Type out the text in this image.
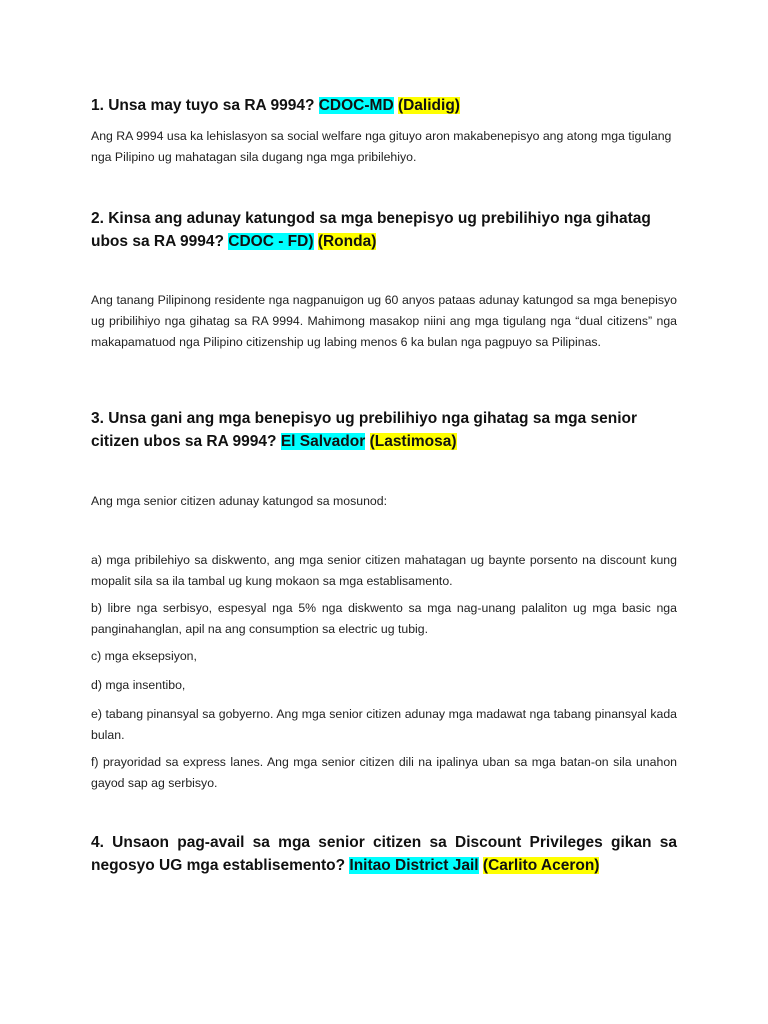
1. Unsa may tuyo sa RA 9994? CDOC-MD (Dalidig)
Ang RA 9994 usa ka lehislasyon sa social welfare nga gituyo aron makabenepisyo ang atong mga tigulang nga Pilipino ug mahatagan sila dugang nga mga pribilehiyo.
2. Kinsa ang adunay katungod sa mga benepisyo ug prebilihiyo nga gihatag ubos sa RA 9994? CDOC - FD) (Ronda)
Ang tanang Pilipinong residente nga nagpanuigon ug 60 anyos pataas adunay katungod sa mga benepisyo ug pribilihiyo nga gihatag sa RA 9994. Mahimong masakop niini ang mga tigulang nga “dual citizens” nga makapamatuod nga Pilipino citizenship ug labing menos 6 ka bulan nga pagpuyo sa Pilipinas.
3. Unsa gani ang mga benepisyo ug prebilihiyo nga gihatag sa mga senior citizen ubos sa RA 9994? El Salvador (Lastimosa)
Ang mga senior citizen adunay katungod sa mosunod:
a) mga pribilehiyo sa diskwento, ang mga senior citizen mahatagan ug baynte porsento na discount kung mopalit sila sa ila tambal ug kung mokaon sa mga establisamento.
b) libre nga serbisyo, espesyal nga 5% nga diskwento sa mga nag-unang palaliton ug mga basic nga panginahanglan, apil na ang consumption sa electric ug tubig.
c) mga eksepsiyon,
d) mga insentibo,
e) tabang pinansyal sa gobyerno. Ang mga senior citizen adunay mga madawat nga tabang pinansyal kada bulan.
f) prayoridad sa express lanes. Ang mga senior citizen dili na ipalinya uban sa mga batan-on sila unahon gayod sap ag serbisyo.
4. Unsaon pag-avail sa mga senior citizen sa Discount Privileges gikan sa negosyo UG mga establisemento? Initao District Jail (Carlito Aceron)
